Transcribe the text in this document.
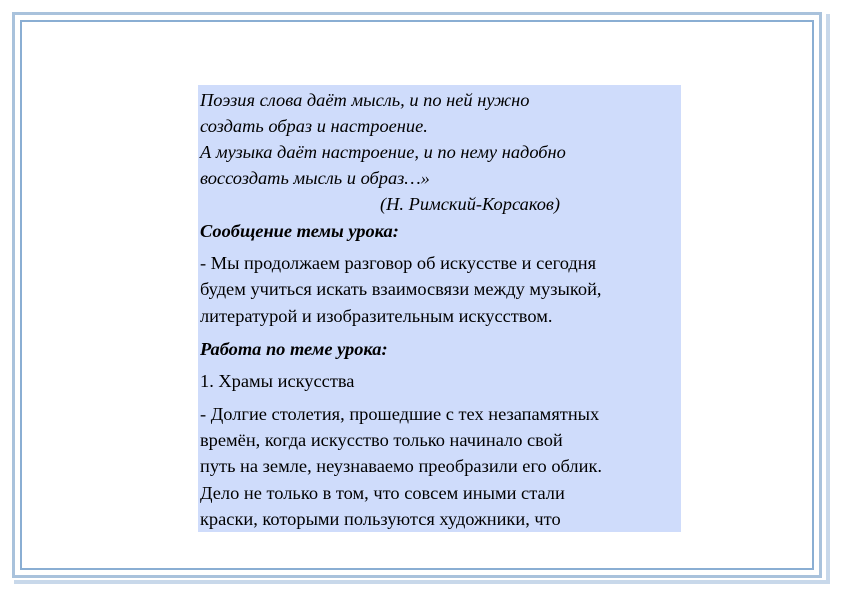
Поэзия слова даёт мысль, и по ней нужно
создать образ и настроение.
А музыка даёт настроение, и по нему надобно
воссоздать мысль и образ…»
(Н. Римский-Корсаков)
Сообщение темы урока:
- Мы продолжаем разговор об искусстве и сегодня
будем учиться искать взаимосвязи между музыкой,
литературой и изобразительным искусством.
Работа по теме урока:
1. Храмы искусства
- Долгие столетия, прошедшие с тех незапамятных
времён, когда искусство только начинало свой
путь на земле, неузнаваемо преобразили его облик.
Дело не только в том, что совсем иными стали
краски, которыми пользуются художники, что
